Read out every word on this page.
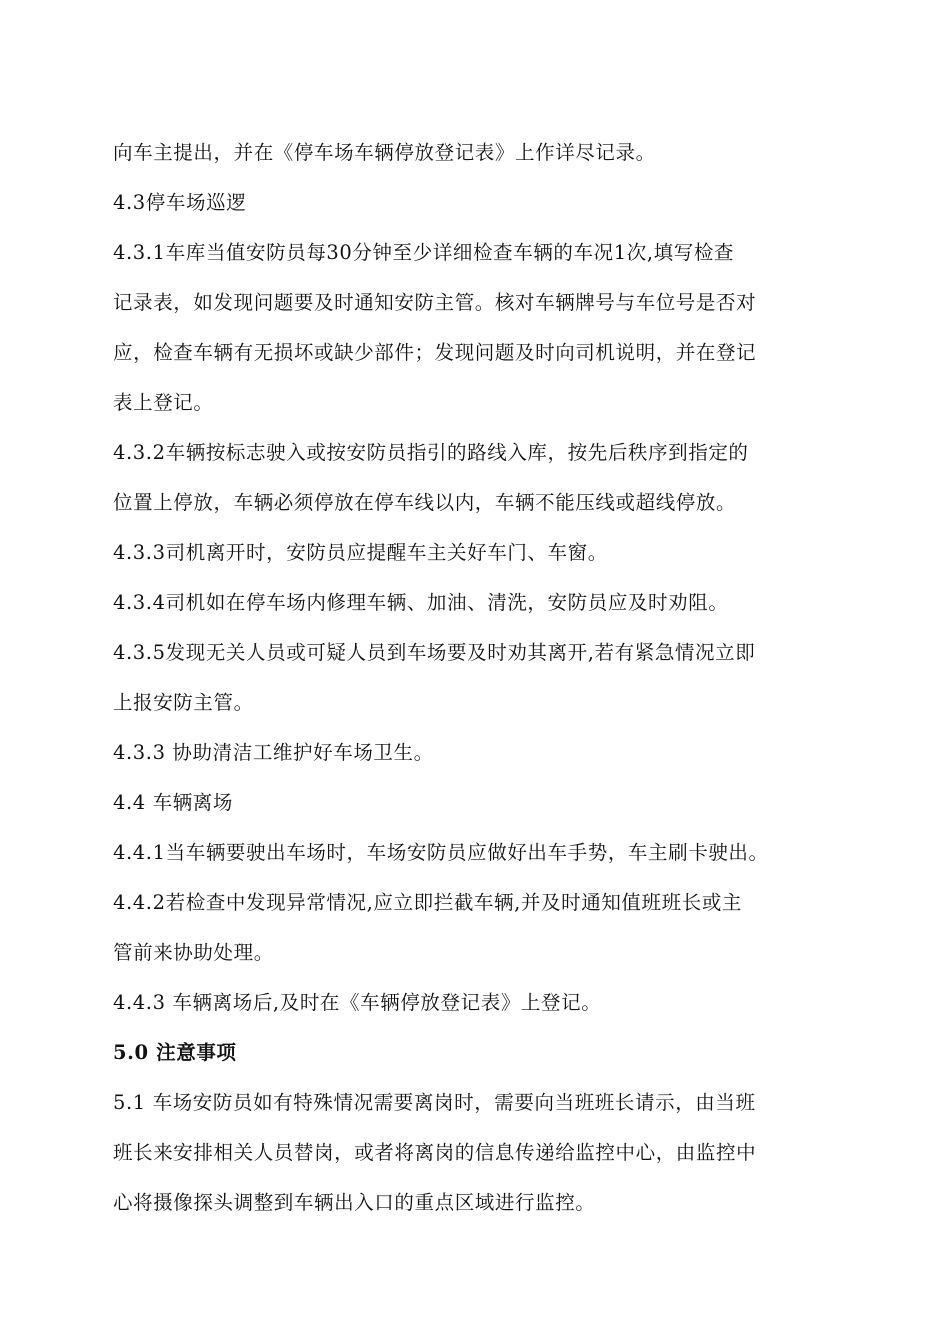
向车主提出，并在《停车场车辆停放登记表》上作详尽记录。
4.3停车场巡逻
4.3.1车库当值安防员每30分钟至少详细检查车辆的车况1次,填写检查
记录表，如发现问题要及时通知安防主管。核对车辆牌号与车位号是否对
应，检查车辆有无损坏或缺少部件；发现问题及时向司机说明，并在登记
表上登记。
4.3.2车辆按标志驶入或按安防员指引的路线入库，按先后秩序到指定的
位置上停放，车辆必须停放在停车线以内，车辆不能压线或超线停放。
4.3.3司机离开时，安防员应提醒车主关好车门、车窗。
4.3.4司机如在停车场内修理车辆、加油、清洗，安防员应及时劝阻。
4.3.5发现无关人员或可疑人员到车场要及时劝其离开,若有紧急情况立即
上报安防主管。
4.3.3 协助清洁工维护好车场卫生。
4.4 车辆离场
4.4.1当车辆要驶出车场时，车场安防员应做好出车手势，车主刷卡驶出。
4.4.2若检查中发现异常情况,应立即拦截车辆,并及时通知值班班长或主
管前来协助处理。
4.4.3 车辆离场后,及时在《车辆停放登记表》上登记。
5.0 注意事项
5.1 车场安防员如有特殊情况需要离岗时，需要向当班班长请示，由当班
班长来安排相关人员替岗，或者将离岗的信息传递给监控中心，由监控中
心将摄像探头调整到车辆出入口的重点区域进行监控。
